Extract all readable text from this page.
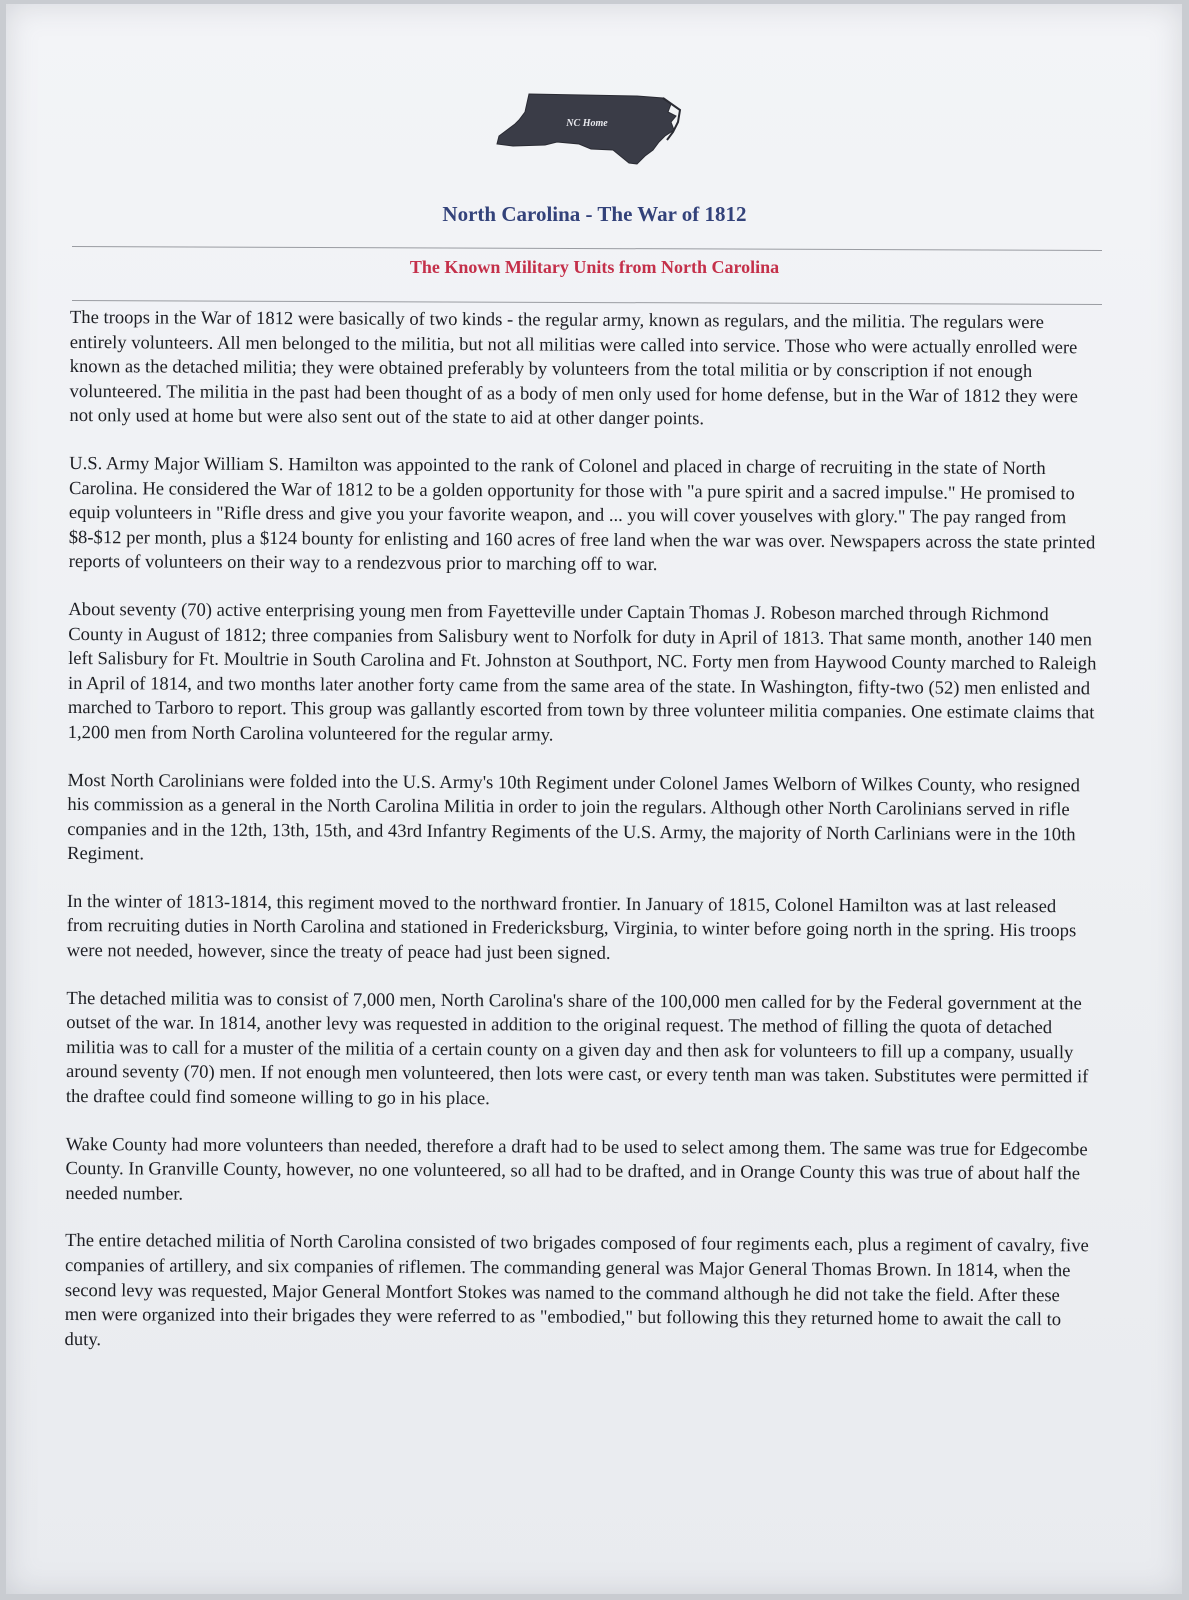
NC Home
North Carolina - The War of 1812
The Known Military Units from North Carolina

The troops in the War of 1812 were basically of two kinds - the regular army, known as regulars, and the militia. The regulars were entirely volunteers. All men belonged to the militia, but not all militias were called into service. Those who were actually enrolled were known as the detached militia; they were obtained preferably by volunteers from the total militia or by conscription if not enough volunteered. The militia in the past had been thought of as a body of men only used for home defense, but in the War of 1812 they were not only used at home but were also sent out of the state to aid at other danger points.

U.S. Army Major William S. Hamilton was appointed to the rank of Colonel and placed in charge of recruiting in the state of North Carolina. He considered the War of 1812 to be a golden opportunity for those with "a pure spirit and a sacred impulse." He promised to equip volunteers in "Rifle dress and give you your favorite weapon, and ... you will cover youselves with glory." The pay ranged from $8-$12 per month, plus a $124 bounty for enlisting and 160 acres of free land when the war was over. Newspapers across the state printed reports of volunteers on their way to a rendezvous prior to marching off to war.

About seventy (70) active enterprising young men from Fayetteville under Captain Thomas J. Robeson marched through Richmond County in August of 1812; three companies from Salisbury went to Norfolk for duty in April of 1813. That same month, another 140 men left Salisbury for Ft. Moultrie in South Carolina and Ft. Johnston at Southport, NC. Forty men from Haywood County marched to Raleigh in April of 1814, and two months later another forty came from the same area of the state. In Washington, fifty-two (52) men enlisted and marched to Tarboro to report. This group was gallantly escorted from town by three volunteer militia companies. One estimate claims that 1,200 men from North Carolina volunteered for the regular army.

Most North Carolinians were folded into the U.S. Army's 10th Regiment under Colonel James Welborn of Wilkes County, who resigned his commission as a general in the North Carolina Militia in order to join the regulars. Although other North Carolinians served in rifle companies and in the 12th, 13th, 15th, and 43rd Infantry Regiments of the U.S. Army, the majority of North Carlinians were in the 10th Regiment.

In the winter of 1813-1814, this regiment moved to the northward frontier. In January of 1815, Colonel Hamilton was at last released from recruiting duties in North Carolina and stationed in Fredericksburg, Virginia, to winter before going north in the spring. His troops were not needed, however, since the treaty of peace had just been signed.

The detached militia was to consist of 7,000 men, North Carolina's share of the 100,000 men called for by the Federal government at the outset of the war. In 1814, another levy was requested in addition to the original request. The method of filling the quota of detached militia was to call for a muster of the militia of a certain county on a given day and then ask for volunteers to fill up a company, usually around seventy (70) men. If not enough men volunteered, then lots were cast, or every tenth man was taken. Substitutes were permitted if the draftee could find someone willing to go in his place.

Wake County had more volunteers than needed, therefore a draft had to be used to select among them. The same was true for Edgecombe County. In Granville County, however, no one volunteered, so all had to be drafted, and in Orange County this was true of about half the needed number.

The entire detached militia of North Carolina consisted of two brigades composed of four regiments each, plus a regiment of cavalry, five companies of artillery, and six companies of riflemen. The commanding general was Major General Thomas Brown. In 1814, when the second levy was requested, Major General Montfort Stokes was named to the command although he did not take the field. After these men were organized into their brigades they were referred to as "embodied," but following this they returned home to await the call to duty.
